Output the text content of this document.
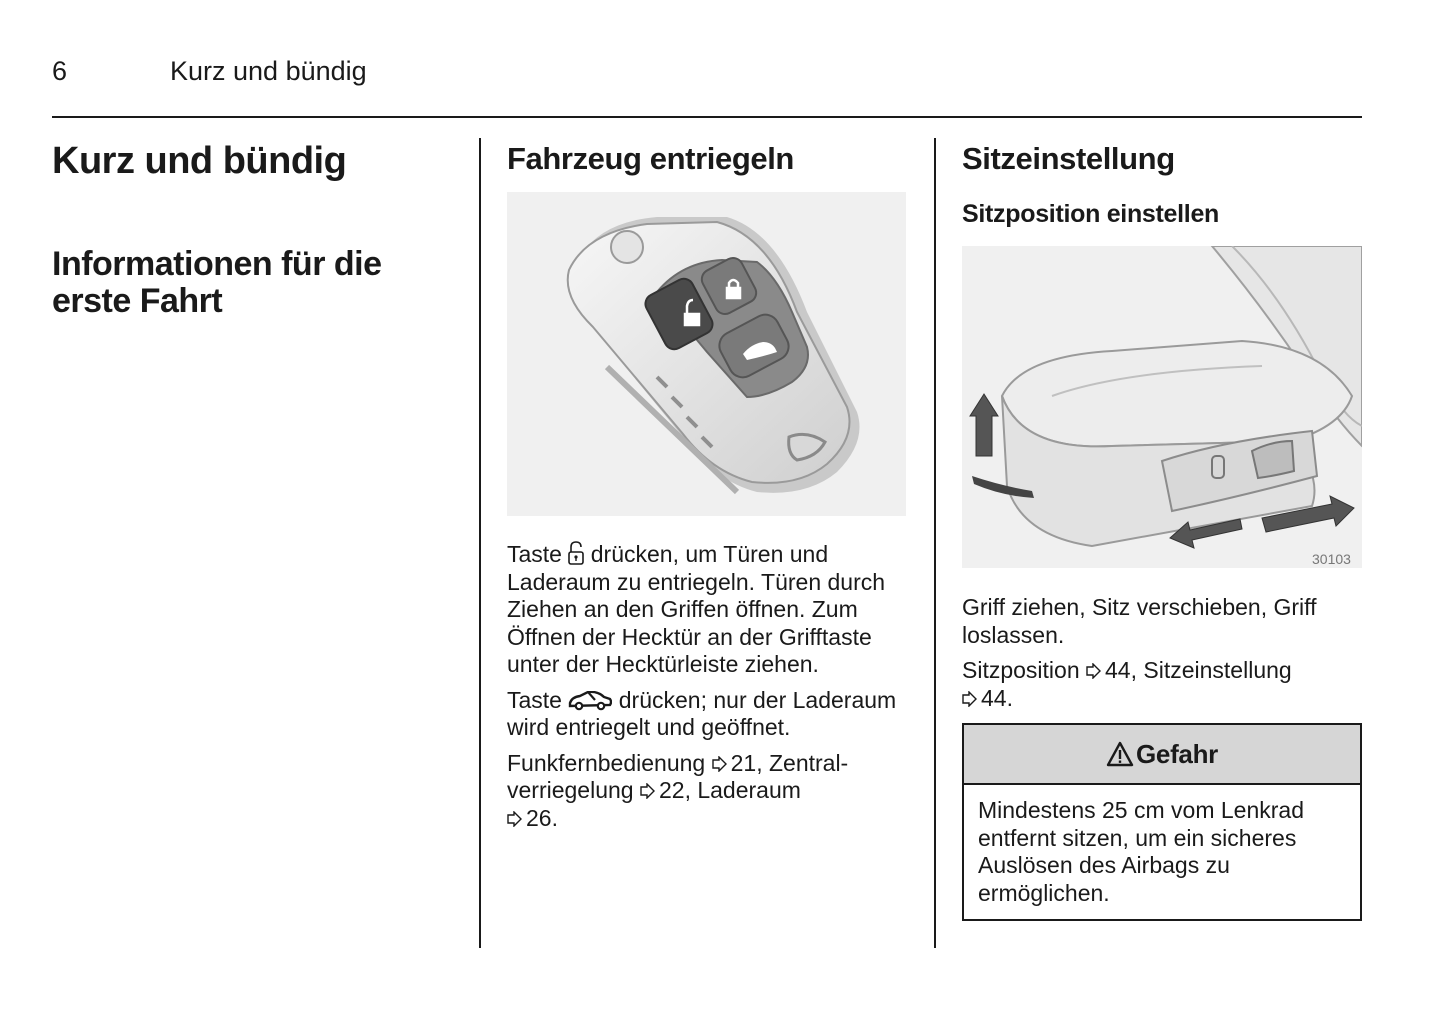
6	Kurz und bündig
Kurz und bündig
Informationen für die erste Fahrt
Fahrzeug entriegeln

Taste drücken, um Türen und Laderaum zu entriegeln. Türen durch Ziehen an den Griffen öffnen. Zum Öffnen der Hecktür an der Grifftaste unter der Hecktürleiste ziehen.

Taste drücken; nur der Laderaum wird entriegelt und geöffnet.

Funkfernbedienung 21, Zentral-
verriegelung 22, Laderaum
26.

Sitzeinstellung
Sitzposition einstellen
30103

Griff ziehen, Sitz verschieben, Griff loslassen.

Sitzposition 44, Sitzeinstellung
44.

Gefahr
Mindestens 25 cm vom Lenkrad entfernt sitzen, um ein sicheres Auslösen des Airbags zu ermöglichen.
